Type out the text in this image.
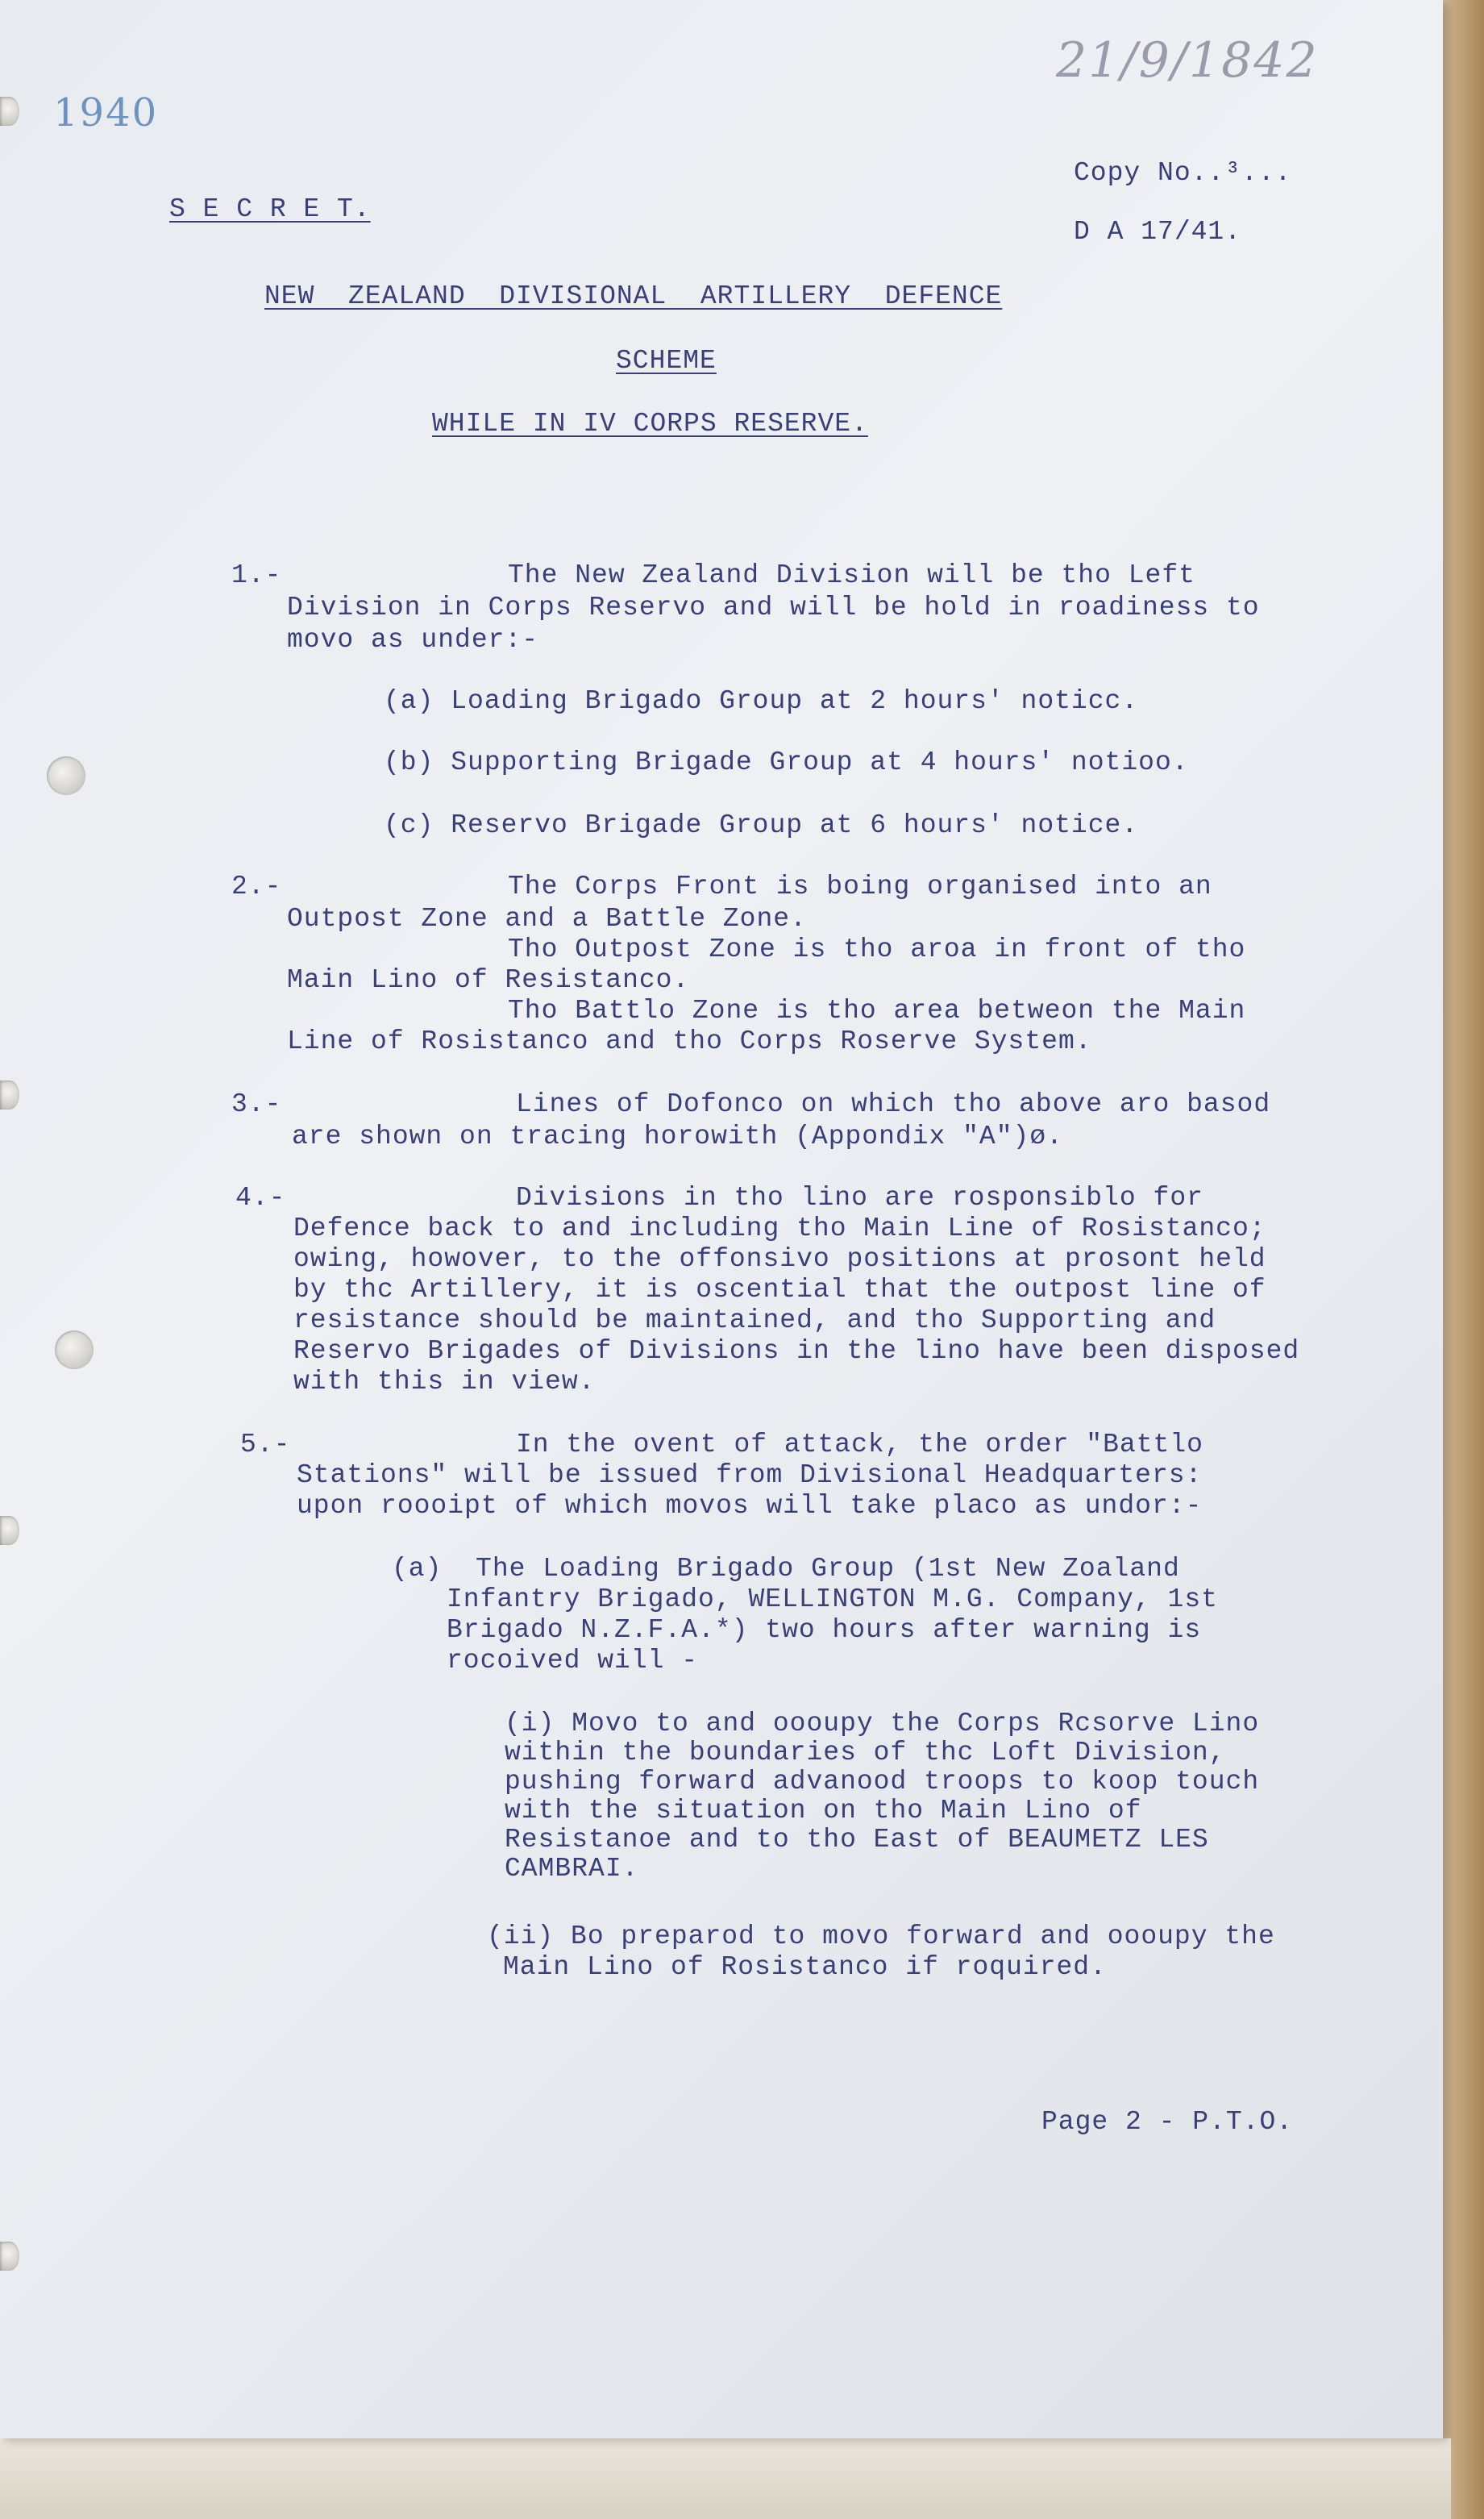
1940
21/9/1842
Copy No..³...
S E C R E T.
D A 17/41.
NEW  ZEALAND  DIVISIONAL  ARTILLERY  DEFENCE
SCHEME
WHILE IN IV CORPS RESERVE.
1.-	The New Zealand Division will be tho Left
Division in Corps Reservo and will be hold in roadiness to
movo as under:-
(a) Loading Brigado Group at 2 hours' noticc.
(b) Supporting Brigade Group at 4 hours' notioo.
(c) Reservo Brigade Group at 6 hours' notice.
2.-	The Corps Front is boing organised into an
Outpost Zone and a Battle Zone.
Tho Outpost Zone is tho aroa in front of tho
Main Lino of Resistanco.
Tho Battlo Zone is tho area betweon the Main
Line of Rosistanco and tho Corps Roserve System.
3.-	Lines of Dofonco on which tho above aro basod
are shown on tracing horowith (Appondix "A")ø.
4.-	Divisions in tho lino are rosponsiblo for
Defence back to and including tho Main Line of Rosistanco;
owing, howover, to the offonsivo positions at prosont held
by thc Artillery, it is oscential that the outpost line of
resistance should be maintained, and tho Supporting and
Reservo Brigades of Divisions in the lino have been disposed
with this in view.
5.-	In the ovent of attack, the order "Battlo
Stations" will be issued from Divisional Headquarters:
upon roooipt of which movos will take placo as undor:-
(a)  The Loading Brigado Group (1st New Zoaland
Infantry Brigado, WELLINGTON M.G. Company, 1st
Brigado N.Z.F.A.*) two hours after warning is
rocoived will -
(i) Movo to and oooupy the Corps Rcsorve Lino
within the boundaries of thc Loft Division,
pushing forward advanood troops to koop touch
with the situation on tho Main Lino of
Resistanoe and to tho East of BEAUMETZ LES
CAMBRAI.
(ii) Bo preparod to movo forward and oooupy the
Main Lino of Rosistanco if roquired.
Page 2 - P.T.O.
